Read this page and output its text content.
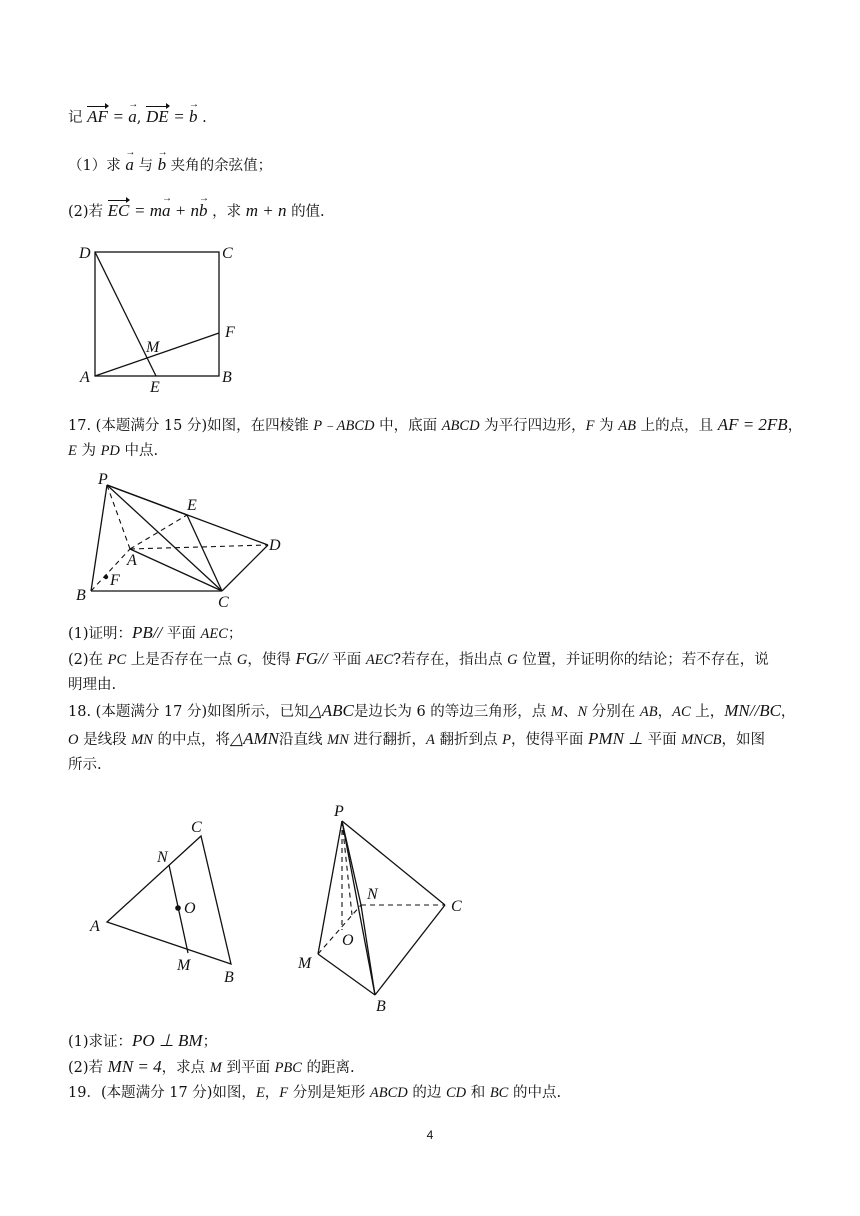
记 AF = a →, DE = b → .
（1）求 a → 与 b → 夹角的余弦值；
(2)若 EC = ma → + nb → ，求 m + n 的值.
D	C
F
M
A
E
B
17. (本题满分 15 分)如图，在四棱锥 P﹣ABCD 中，底面 ABCD 为平行四边形，F 为 AB 上的点，且 AF = 2FB，
E 为 PD 中点.
P
E
D
A
F
B	C
(1)证明：PB// 平面 AEC；
(2)在 PC 上是否存在一点 G，使得 FG// 平面 AEC?若存在，指出点 G 位置，并证明你的结论；若不存在，说
明理由.
18. (本题满分 17 分)如图所示，已知△ABC是边长为 6 的等边三角形，点 M、N 分别在 AB，AC 上，MN//BC，
O 是线段 MN 的中点，将△AMN沿直线 MN 进行翻折，A 翻折到点 P，使得平面 PMN ⊥ 平面 MNCB，如图
所示.
C
N
O
A
M
B
P
N
C
O
M
B
(1)求证：PO ⊥ BM；
(2)若 MN = 4，求点 M 到平面 PBC 的距离.
19．(本题满分 17 分)如图，E，F 分别是矩形 ABCD 的边 CD 和 BC 的中点.
4
